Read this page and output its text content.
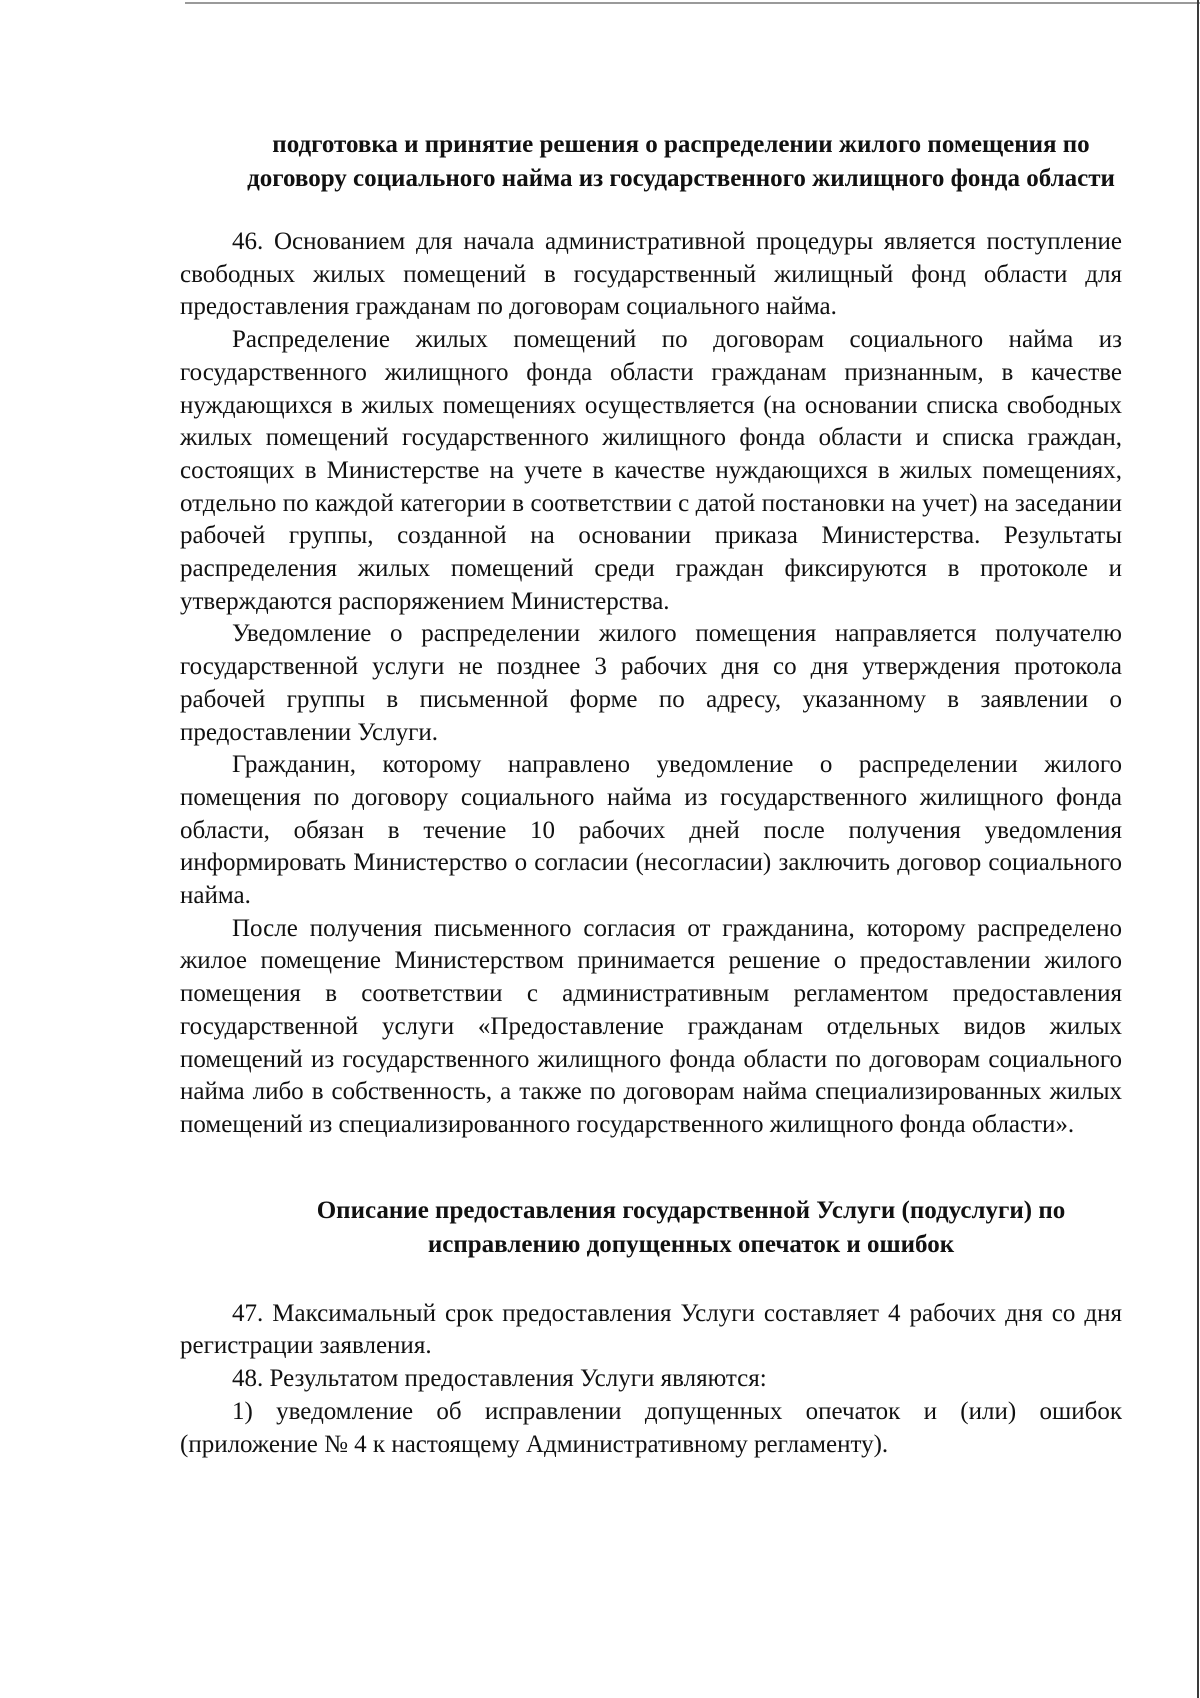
подготовка и принятие решения о распределении жилого помещения по договору социального найма из государственного жилищного фонда области

46. Основанием для начала административной процедуры является поступление свободных жилых помещений в государственный жилищный фонд области для предоставления гражданам по договорам социального найма.

Распределение жилых помещений по договорам социального найма из государственного жилищного фонда области гражданам признанным, в качестве нуждающихся в жилых помещениях осуществляется (на основании списка свободных жилых помещений государственного жилищного фонда области и списка граждан, состоящих в Министерстве на учете в качестве нуждающихся в жилых помещениях, отдельно по каждой категории в соответствии с датой постановки на учет) на заседании рабочей группы, созданной на основании приказа Министерства. Результаты распределения жилых помещений среди граждан фиксируются в протоколе и утверждаются распоряжением Министерства.

Уведомление о распределении жилого помещения направляется получателю государственной услуги не позднее 3 рабочих дня со дня утверждения протокола рабочей группы в письменной форме по адресу, указанному в заявлении о предоставлении Услуги.

Гражданин, которому направлено уведомление о распределении жилого помещения по договору социального найма из государственного жилищного фонда области, обязан в течение 10 рабочих дней после получения уведомления информировать Министерство о согласии (несогласии) заключить договор социального найма.

После получения письменного согласия от гражданина, которому распределено жилое помещение Министерством принимается решение о предоставлении жилого помещения в соответствии с административным регламентом предоставления государственной услуги «Предоставление гражданам отдельных видов жилых помещений из государственного жилищного фонда области по договорам социального найма либо в собственность, а также по договорам найма специализированных жилых помещений из специализированного государственного жилищного фонда области».

Описание предоставления государственной Услуги (подуслуги) по исправлению допущенных опечаток и ошибок

47. Максимальный срок предоставления Услуги составляет 4 рабочих дня со дня регистрации заявления.

48. Результатом предоставления Услуги являются:

1) уведомление об исправлении допущенных опечаток и (или) ошибок (приложение № 4 к настоящему Административному регламенту).
